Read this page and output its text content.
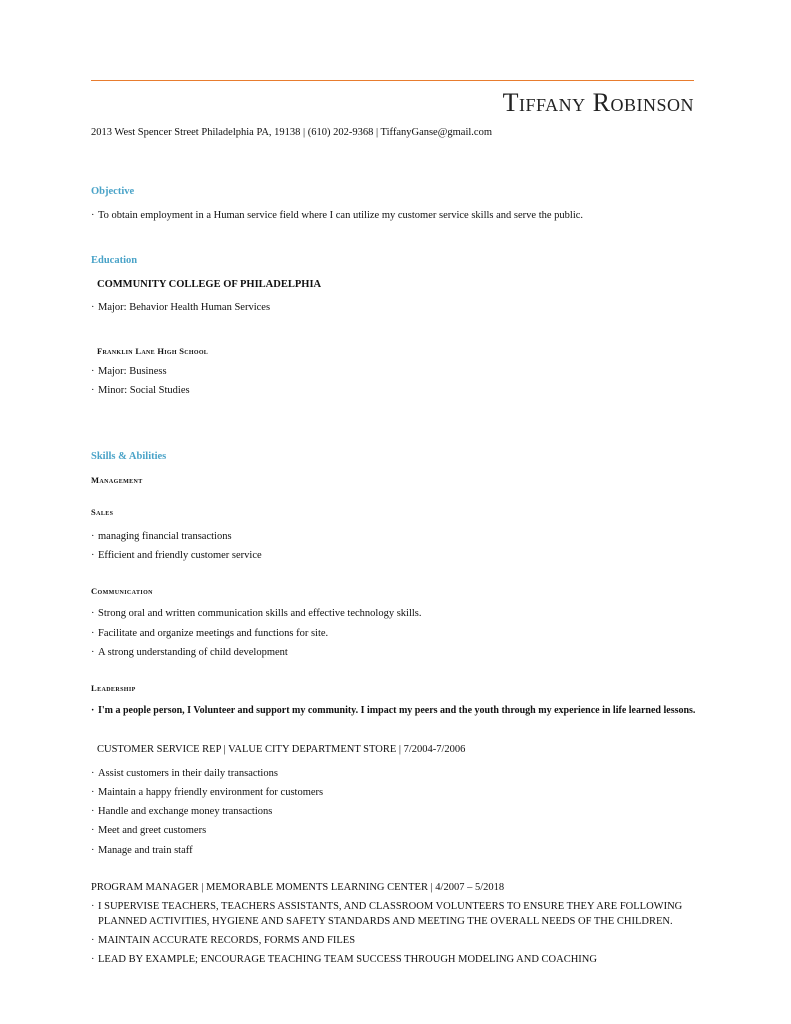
Tiffany Robinson
2013 West Spencer Street Philadelphia PA, 19138 | (610) 202-9368 | TiffanyGanse@gmail.com
Objective
· To obtain employment in a Human service field where I can utilize my customer service skills and serve the public.
Education
COMMUNITY COLLEGE OF PHILADELPHIA
· Major: Behavior Health Human Services
Franklin Lane High School
· Major: Business
· Minor: Social Studies
Skills & Abilities
Management
Sales
· managing financial transactions
· Efficient and friendly customer service
Communication
· Strong oral and written communication skills and effective technology skills.
· Facilitate and organize meetings and functions for site.
· A strong understanding of child development
Leadership
· I'm a people person, I Volunteer and support my community. I impact my peers and the youth through my experience in life learned lessons.
CUSTOMER SERVICE REP | VALUE CITY DEPARTMENT STORE | 7/2004-7/2006
· Assist customers in their daily transactions
· Maintain a happy friendly environment for customers
· Handle and exchange money transactions
· Meet and greet customers
· Manage and train staff
PROGRAM MANAGER | MEMORABLE MOMENTS LEARNING CENTER | 4/2007 – 5/2018
· I SUPERVISE TEACHERS, TEACHERS ASSISTANTS, AND CLASSROOM VOLUNTEERS TO ENSURE THEY ARE FOLLOWING
PLANNED ACTIVITIES, HYGIENE AND SAFETY STANDARDS AND MEETING THE OVERALL NEEDS OF THE CHILDREN.
· MAINTAIN ACCURATE RECORDS, FORMS AND FILES
· LEAD BY EXAMPLE; ENCOURAGE TEACHING TEAM SUCCESS THROUGH MODELING AND COACHING
